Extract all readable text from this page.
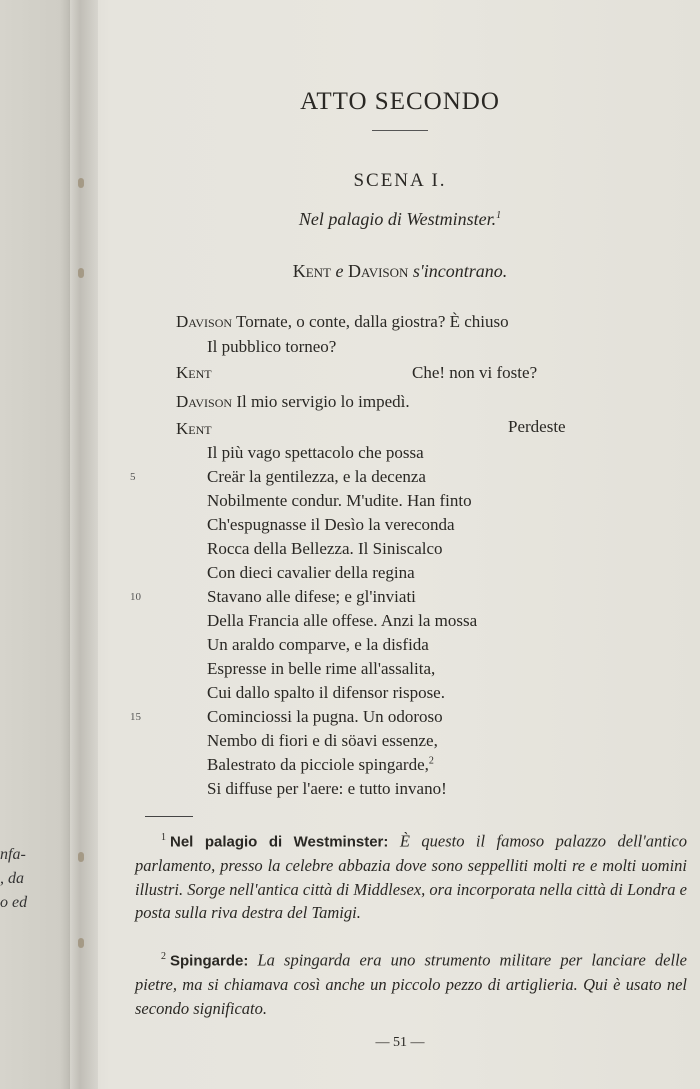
nfa-
, da
o ed
ATTO SECONDO
SCENA I.
Nel palagio di Westminster.$^1$
Kent e Davison s'incontrano.
Davison Tornate, o conte, dalla giostra? È chiuso
Il pubblico torneo?
Kent	Che! non vi foste?
Davison Il mio servigio lo impedì.
Kent	Perdeste
Il più vago spettacolo che possa
5	Creär la gentilezza, e la decenza
Nobilmente condur. M'udite. Han finto
Ch'espugnasse il Desìo la verecondа
Rocca della Bellezza. Il Siniscalco
Con dieci cavalier della regina
10	Stavano alle difese; e gl'inviati
Della Francia alle offese. Anzi la mossa
Un araldo comparve, e la disfida
Espresse in belle rime all'assalita,
Cui dallo spalto il difensor rispose.
15	Cominciossi la pugna. Un odoroso
Nembo di fiori e di söavi essenze,
Balestrato da picciole spingarde,$^2$
Si diffuse per l'aere: e tutto invano!
$^1$ Nel palagio di Westminster: È questo il famoso palazzo dell'antico parlamento, presso la celebre abbazia dove sono seppelliti molti re e molti uomini illustri. Sorge nell'antica città di Middlesex, ora incorporata nella città di Londra e posta sulla riva destra del Tamigi.
$^2$ Spingarde: La spingarda era uno strumento militare per lanciare delle pietre, ma si chiamava così anche un piccolo pezzo di artiglieria. Qui è usato nel secondo significato.
— 51 —
